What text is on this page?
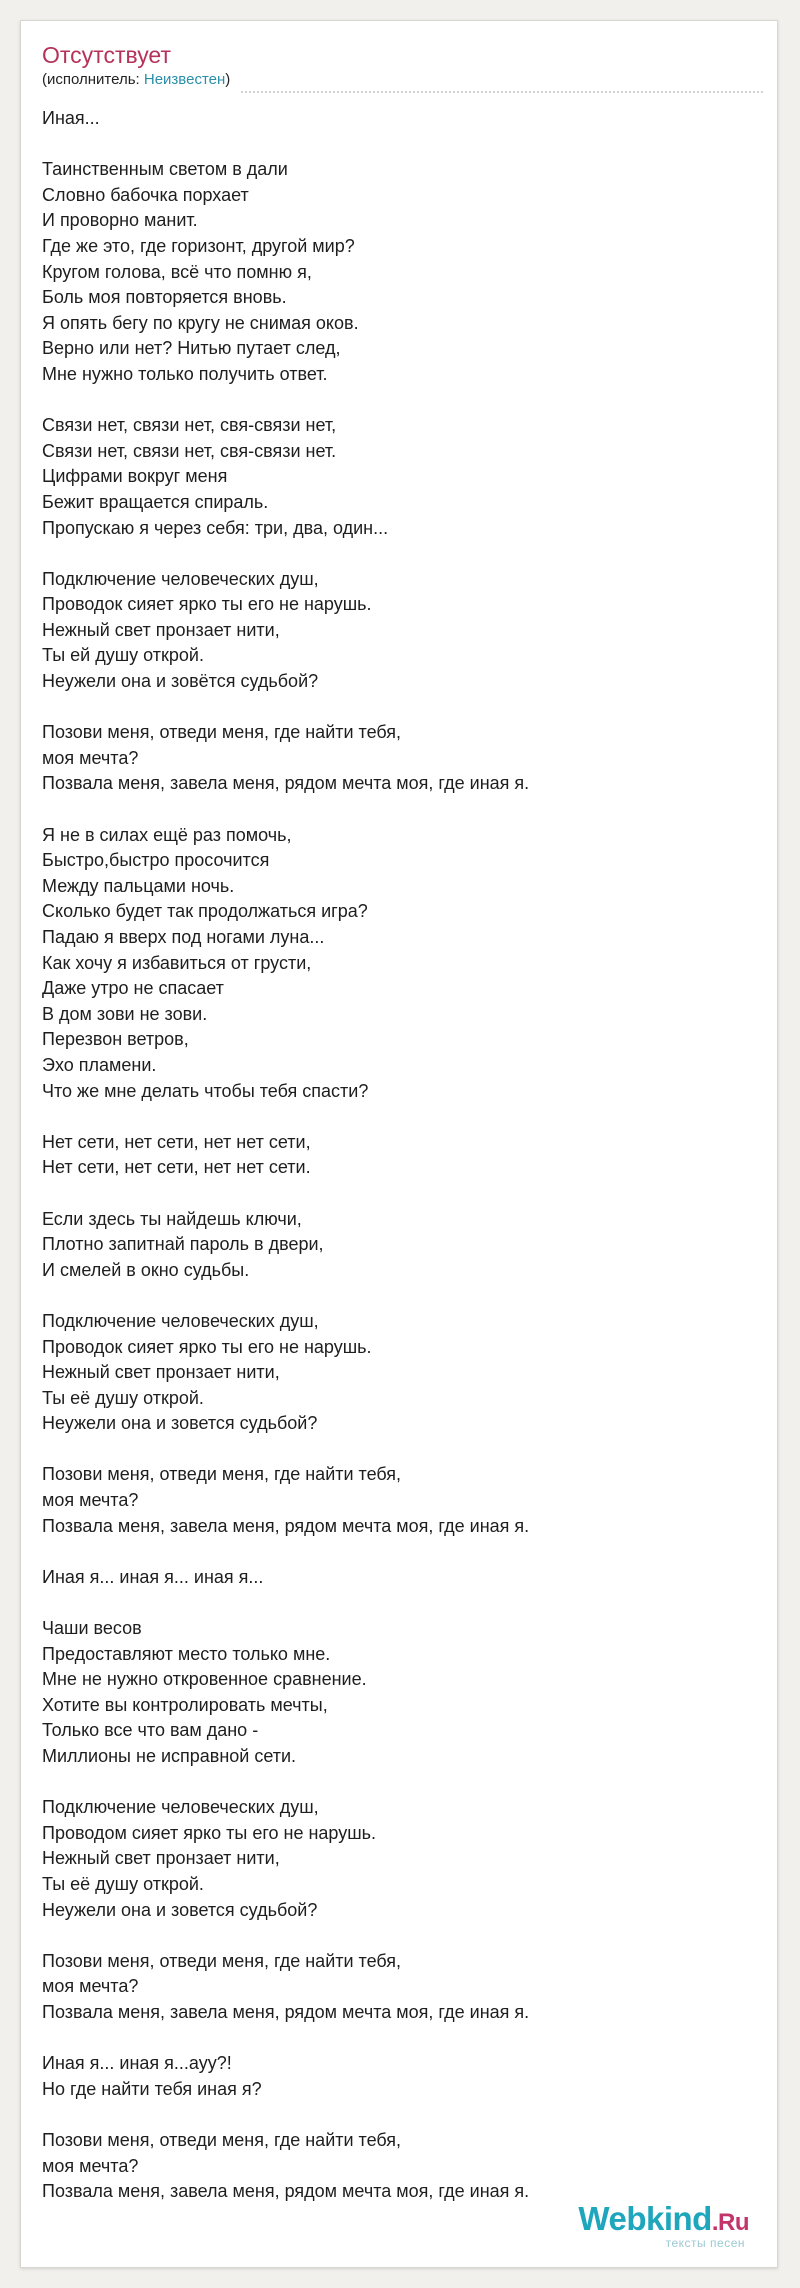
Отсутствует
(исполнитель: Неизвестен)
Иная...
Таинственным светом в дали
Словно бабочка порхает
И проворно манит.
Где же это, где горизонт, другой мир?
Кругом голова, всё что помню я,
Боль моя повторяется вновь.
Я опять бегу по кругу не снимая оков.
Верно или нет? Нитью путает след,
Мне нужно только получить ответ.
Связи нет, связи нет, свя-связи нет,
Связи нет, связи нет, свя-связи нет.
Цифрами вокруг меня
Бежит вращается спираль.
Пропускаю я через себя: три, два, один...
Подключение человеческих душ,
Проводок сияет ярко ты его не нарушь.
Нежный свет пронзает нити,
Ты ей душу открой.
Неужели она и зовётся судьбой?
Позови меня, отведи меня, где найти тебя,
моя мечта?
Позвала меня, завела меня, рядом мечта моя, где иная я.
Я не в силах ещё раз помочь,
Быстро,быстро просочится
Между пальцами ночь.
Сколько будет так продолжаться игра?
Падаю я вверх под ногами луна...
Как хочу я избавиться от грусти,
Даже утро не спасает
В дом зови не зови.
Перезвон ветров,
Эхо пламени.
Что же мне делать чтобы тебя спасти?
Нет сети, нет сети, нет нет сети,
Нет сети, нет сети, нет нет сети.
Если здесь ты найдешь ключи,
Плотно запитнай пароль в двери,
И смелей в окно судьбы.
Подключение человеческих душ,
Проводок сияет ярко ты его не нарушь.
Нежный свет пронзает нити,
Ты её душу открой.
Неужели она и зовется судьбой?
Позови меня, отведи меня, где найти тебя,
моя мечта?
Позвала меня, завела меня, рядом мечта моя, где иная я.
Иная я... иная я... иная я...
Чаши весов
Предоставляют место только мне.
Мне не нужно откровенное сравнение.
Хотите вы контролировать мечты,
Только все что вам дано -
Миллионы не исправной сети.
Подключение человеческих душ,
Проводом сияет ярко ты его не нарушь.
Нежный свет пронзает нити,
Ты её душу открой.
Неужели она и зовется судьбой?
Позови меня, отведи меня, где найти тебя,
моя мечта?
Позвала меня, завела меня, рядом мечта моя, где иная я.
Иная я... иная я...ауу?!
Но где найти тебя иная я?
Позови меня, отведи меня, где найти тебя,
моя мечта?
Позвала меня, завела меня, рядом мечта моя, где иная я.
Webkind.Ru
тексты песен
